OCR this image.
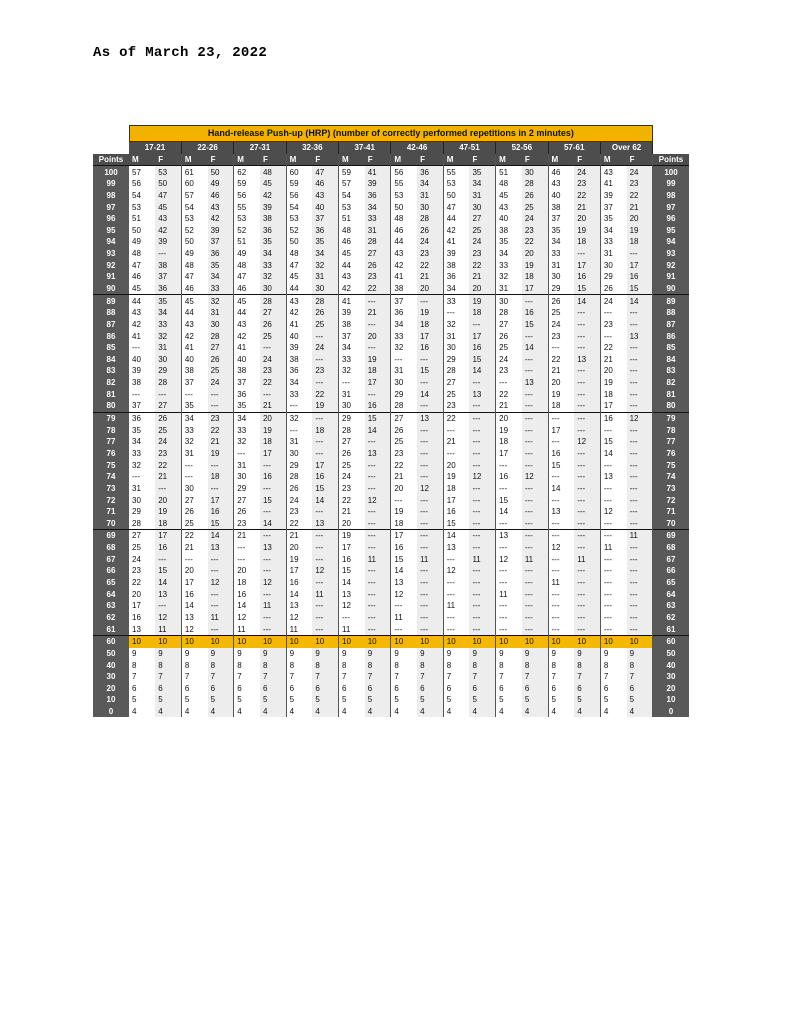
As of March 23, 2022
	Hand-release Push-up (HRP) (number of correctly performed repetitions in 2 minutes)																				
	17-21		22-26		27-31		32-36		37-41		42-46		47-51		52-56		57-61		Over 62		
Points	M	F	M	F	M	F	M	F	M	F	M	F	M	F	M	F	M	F	M	F	Points
100	57	53	61	50	62	48	60	47	59	41	56	36	55	35	51	30	46	24	43	24	100
99	56	50	60	49	59	45	59	46	57	39	55	34	53	34	48	28	43	23	41	23	99
98	54	47	57	46	56	42	56	43	54	36	53	31	50	31	45	26	40	22	39	22	98
97	53	45	54	43	55	39	54	40	53	34	50	30	47	30	43	25	38	21	37	21	97
96	51	43	53	42	53	38	53	37	51	33	48	28	44	27	40	24	37	20	35	20	96
95	50	42	52	39	52	36	52	36	48	31	46	26	42	25	38	23	35	19	34	19	95
94	49	39	50	37	51	35	50	35	46	28	44	24	41	24	35	22	34	18	33	18	94
93	48	---	49	36	49	34	48	34	45	27	43	23	39	23	34	20	33	---	31	---	93
92	47	38	48	35	48	33	47	32	44	26	42	22	38	22	33	19	31	17	30	17	92
91	46	37	47	34	47	32	45	31	43	23	41	21	36	21	32	18	30	16	29	16	91
90	45	36	46	33	46	30	44	30	42	22	38	20	34	20	31	17	29	15	26	15	90
89	44	35	45	32	45	28	43	28	41	---	37	---	33	19	30	---	26	14	24	14	89
88	43	34	44	31	44	27	42	26	39	21	36	19	---	18	28	16	25	---	---	---	88
87	42	33	43	30	43	26	41	25	38	---	34	18	32	---	27	15	24	---	23	---	87
86	41	32	42	28	42	25	40	---	37	20	33	17	31	17	26	---	23	---	---	13	86
85	---	31	41	27	41	---	39	24	34	---	32	16	30	16	25	14	---	---	22	---	85
84	40	30	40	26	40	24	38	---	33	19	---	---	29	15	24	---	22	13	21	---	84
83	39	29	38	25	38	23	36	23	32	18	31	15	28	14	23	---	21	---	20	---	83
82	38	28	37	24	37	22	34	---	---	17	30	---	27	---	---	13	20	---	19	---	82
81	---	---	---	---	36	---	33	22	31	---	29	14	25	13	22	---	19	---	18	---	81
80	37	27	35	---	35	21	---	19	30	16	28	---	23	---	21	---	18	---	17	---	80
79	36	26	34	23	34	20	32	---	29	15	27	13	22	---	20	---	---	---	16	12	79
78	35	25	33	22	33	19	---	18	28	14	26	---	---	---	19	---	17	---	---	---	78
77	34	24	32	21	32	18	31	---	27	---	25	---	21	---	18	---	---	12	15	---	77
76	33	23	31	19	---	17	30	---	26	13	23	---	---	---	17	---	16	---	14	---	76
75	32	22	---	---	31	---	29	17	25	---	22	---	20	---	---	---	15	---	---	---	75
74	---	21	---	18	30	16	28	16	24	---	21	---	19	12	16	12	---	---	13	---	74
73	31	---	30	---	29	---	26	15	23	---	20	12	18	---	---	---	14	---	---	---	73
72	30	20	27	17	27	15	24	14	22	12	---	---	17	---	15	---	---	---	---	---	72
71	29	19	26	16	26	---	23	---	21	---	19	---	16	---	14	---	13	---	12	---	71
70	28	18	25	15	23	14	22	13	20	---	18	---	15	---	---	---	---	---	---	---	70
69	27	17	22	14	21	---	21	---	19	---	17	---	14	---	13	---	---	---	---	11	69
68	25	16	21	13	---	13	20	---	17	---	16	---	13	---	---	---	12	---	11	---	68
67	24	---	---	---	---	---	19	---	16	11	15	11	---	11	12	11	---	11	---	---	67
66	23	15	20	---	20	---	17	12	15	---	14	---	12	---	---	---	---	---	---	---	66
65	22	14	17	12	18	12	16	---	14	---	13	---	---	---	---	---	11	---	---	---	65
64	20	13	16	---	16	---	14	11	13	---	12	---	---	---	11	---	---	---	---	---	64
63	17	---	14	---	14	11	13	---	12	---	---	---	11	---	---	---	---	---	---	---	63
62	16	12	13	11	12	---	12	---	---	---	11	---	---	---	---	---	---	---	---	---	62
61	13	11	12	---	11	---	11	---	11	---	---	---	---	---	---	---	---	---	---	---	61
60	10	10	10	10	10	10	10	10	10	10	10	10	10	10	10	10	10	10	10	10	60
50	9	9	9	9	9	9	9	9	9	9	9	9	9	9	9	9	9	9	9	9	50
40	8	8	8	8	8	8	8	8	8	8	8	8	8	8	8	8	8	8	8	8	40
30	7	7	7	7	7	7	7	7	7	7	7	7	7	7	7	7	7	7	7	7	30
20	6	6	6	6	6	6	6	6	6	6	6	6	6	6	6	6	6	6	6	6	20
10	5	5	5	5	5	5	5	5	5	5	5	5	5	5	5	5	5	5	5	5	10
0	4	4	4	4	4	4	4	4	4	4	4	4	4	4	4	4	4	4	4	4	0
